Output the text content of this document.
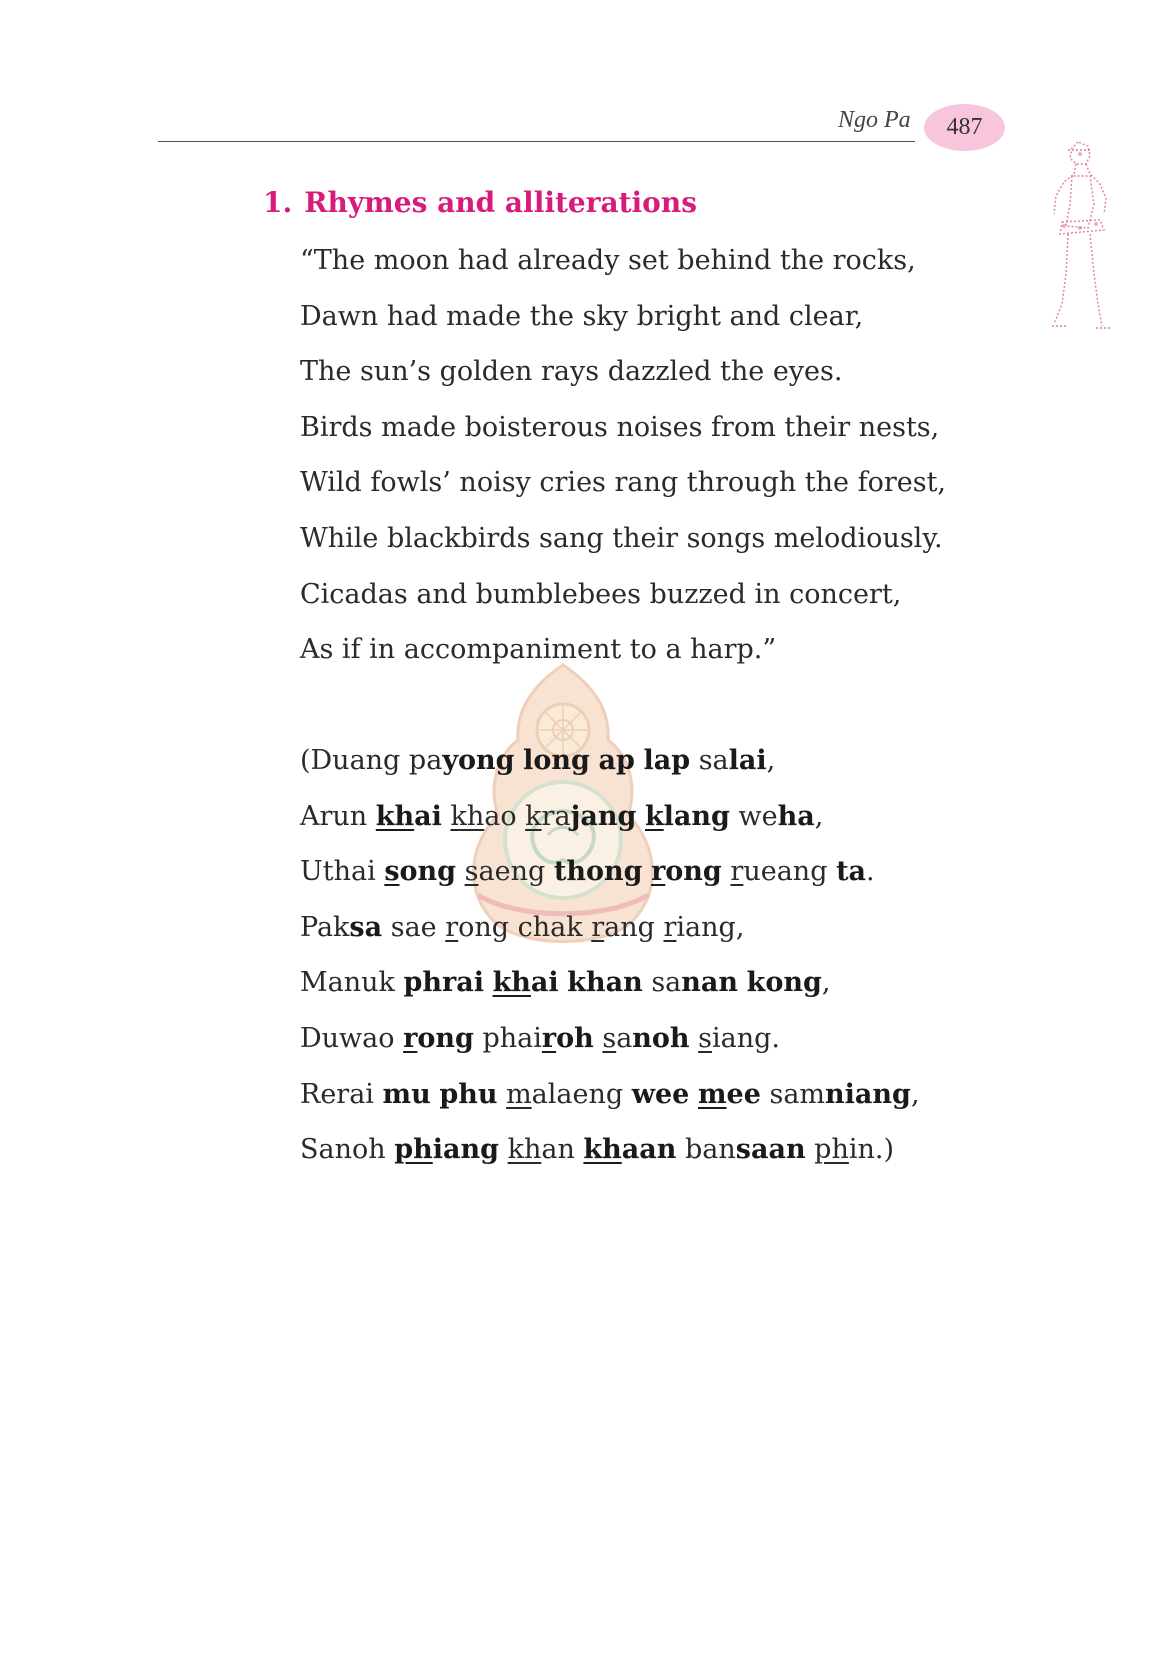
Ngo Pa 487
1. Rhymes and alliterations
“The moon had already set behind the rocks,
Dawn had made the sky bright and clear,
The sun’s golden rays dazzled the eyes.
Birds made boisterous noises from their nests,
Wild fowls’ noisy cries rang through the forest,
While blackbirds sang their songs melodiously.
Cicadas and bumblebees buzzed in concert,
As if in accompaniment to a harp.”
(Duang payong long ap lap salai,
Arun khai khao krajang klang weha,
Uthai song saeng thong rong rueang ta.
Paksa sae rong chak rang riang,
Manuk phrai khai khan sanan kong,
Duwao rong phairoh sanoh siang.
Rerai mu phu malaeng wee mee samniang,
Sanoh phiang khan khaan bansaan phin.)
